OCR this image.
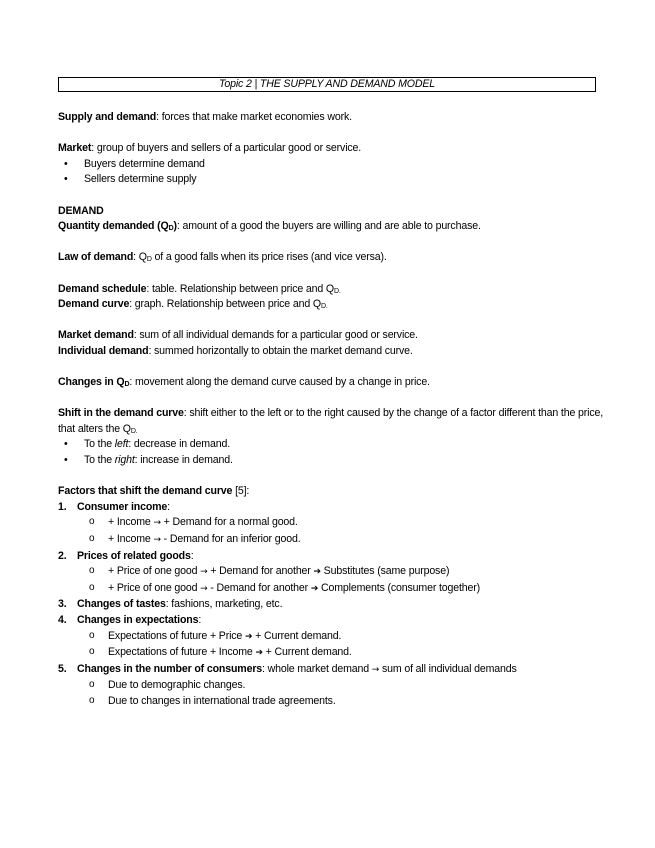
Topic 2 | THE SUPPLY AND DEMAND MODEL

Supply and demand: forces that make market economies work.

Market: group of buyers and sellers of a particular good or service.

• Buyers determine demand
• Sellers determine supply

DEMAND

Quantity demanded $(Q_D)$: amount of a good the buyers are willing and are able to purchase.

Law of demand: $Q_D$ of a good falls when its price rises (and vice versa).

Demand schedule: table. Relationship between price and $Q_{D.}$

Demand curve: graph. Relationship between price and $Q_{D.}$

Market demand: sum of all individual demands for a particular good or service.

Individual demand: summed horizontally to obtain the market demand curve.

Changes in $Q_D$: movement along the demand curve caused by a change in price.

Shift in the demand curve: shift either to the left or to the right caused by the change of a factor different than the price, that alters the $Q_{D.}$

• To the left: decrease in demand.
• To the right: increase in demand.

Factors that shift the demand curve [5]:

1. Consumer income:
o + Income → + Demand for a normal good.
o + Income → - Demand for an inferior good.
2. Prices of related goods:
o + Price of one good → + Demand for another ➔ Substitutes (same purpose)
o + Price of one good → - Demand for another ➔ Complements (consumer together)
3. Changes of tastes: fashions, marketing, etc.
4. Changes in expectations:
o Expectations of future + Price ➔ + Current demand.
o Expectations of future + Income ➔ + Current demand.
5. Changes in the number of consumers: whole market demand → sum of all individual demands
o Due to demographic changes.
o Due to changes in international trade agreements.
